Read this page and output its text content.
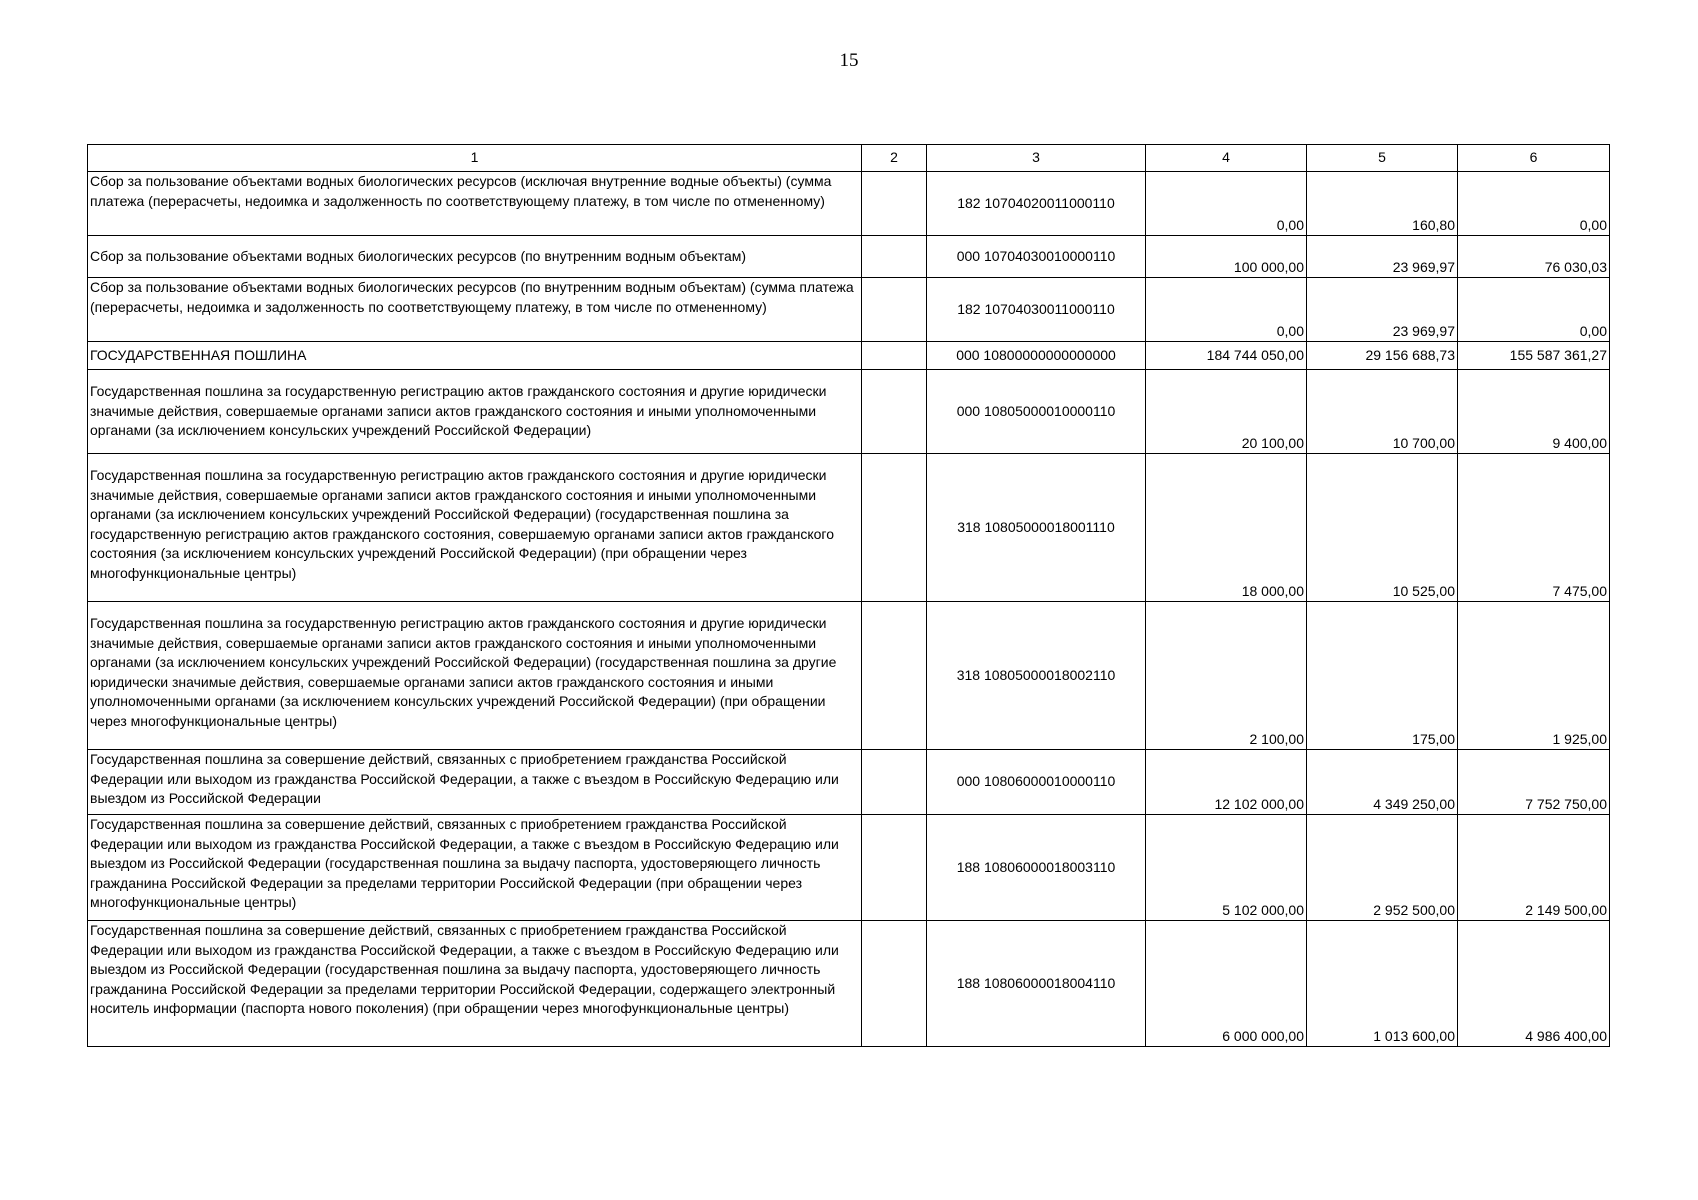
15
1	2	3	4	5	6
Сбор за пользование объектами водных биологических ресурсов (исключая внутренние водные объекты) (сумма платежа (перерасчеты, недоимка и задолженность по соответствующему платежу, в том числе по отмененному)		182 10704020011000110	0,00	160,80	0,00
Сбор за пользование объектами водных биологических ресурсов (по внутренним водным объектам)		000 10704030010000110	100 000,00	23 969,97	76 030,03
Сбор за пользование объектами водных биологических ресурсов (по внутренним водным объектам) (сумма платежа (перерасчеты, недоимка и задолженность по соответствующему платежу, в том числе по отмененному)		182 10704030011000110	0,00	23 969,97	0,00
ГОСУДАРСТВЕННАЯ ПОШЛИНА		000 10800000000000000	184 744 050,00	29 156 688,73	155 587 361,27
Государственная пошлина за государственную регистрацию актов гражданского состояния и другие юридически значимые действия, совершаемые органами записи актов гражданского состояния и иными уполномоченными органами (за исключением консульских учреждений Российской Федерации)		000 10805000010000110	20 100,00	10 700,00	9 400,00
Государственная пошлина за государственную регистрацию актов гражданского состояния и другие юридически значимые действия, совершаемые органами записи актов гражданского состояния и иными уполномоченными органами (за исключением консульских учреждений Российской Федерации) (государственная пошлина за государственную регистрацию актов гражданского состояния, совершаемую органами записи актов гражданского состояния (за исключением консульских учреждений Российской Федерации) (при обращении через многофункциональные центры)		318 10805000018001110	18 000,00	10 525,00	7 475,00
Государственная пошлина за государственную регистрацию актов гражданского состояния и другие юридически значимые действия, совершаемые органами записи актов гражданского состояния и иными уполномоченными органами (за исключением консульских учреждений Российской Федерации) (государственная пошлина за другие юридически значимые действия, совершаемые органами записи актов гражданского состояния и иными уполномоченными органами (за исключением консульских учреждений Российской Федерации) (при обращении через многофункциональные центры)		318 10805000018002110	2 100,00	175,00	1 925,00
Государственная пошлина за совершение действий, связанных с приобретением гражданства Российской Федерации или выходом из гражданства Российской Федерации, а также с въездом в Российскую Федерацию или выездом из Российской Федерации		000 10806000010000110	12 102 000,00	4 349 250,00	7 752 750,00
Государственная пошлина за совершение действий, связанных с приобретением гражданства Российской Федерации или выходом из гражданства Российской Федерации, а также с въездом в Российскую Федерацию или выездом из Российской Федерации (государственная пошлина за выдачу паспорта, удостоверяющего личность гражданина Российской Федерации за пределами территории Российской Федерации (при обращении через многофункциональные центры)		188 10806000018003110	5 102 000,00	2 952 500,00	2 149 500,00
Государственная пошлина за совершение действий, связанных с приобретением гражданства Российской Федерации или выходом из гражданства Российской Федерации, а также с въездом в Российскую Федерацию или выездом из Российской Федерации (государственная пошлина за выдачу паспорта, удостоверяющего личность гражданина Российской Федерации за пределами территории Российской Федерации, содержащего электронный носитель информации (паспорта нового поколения) (при обращении через многофункциональные центры)		188 10806000018004110	6 000 000,00	1 013 600,00	4 986 400,00
